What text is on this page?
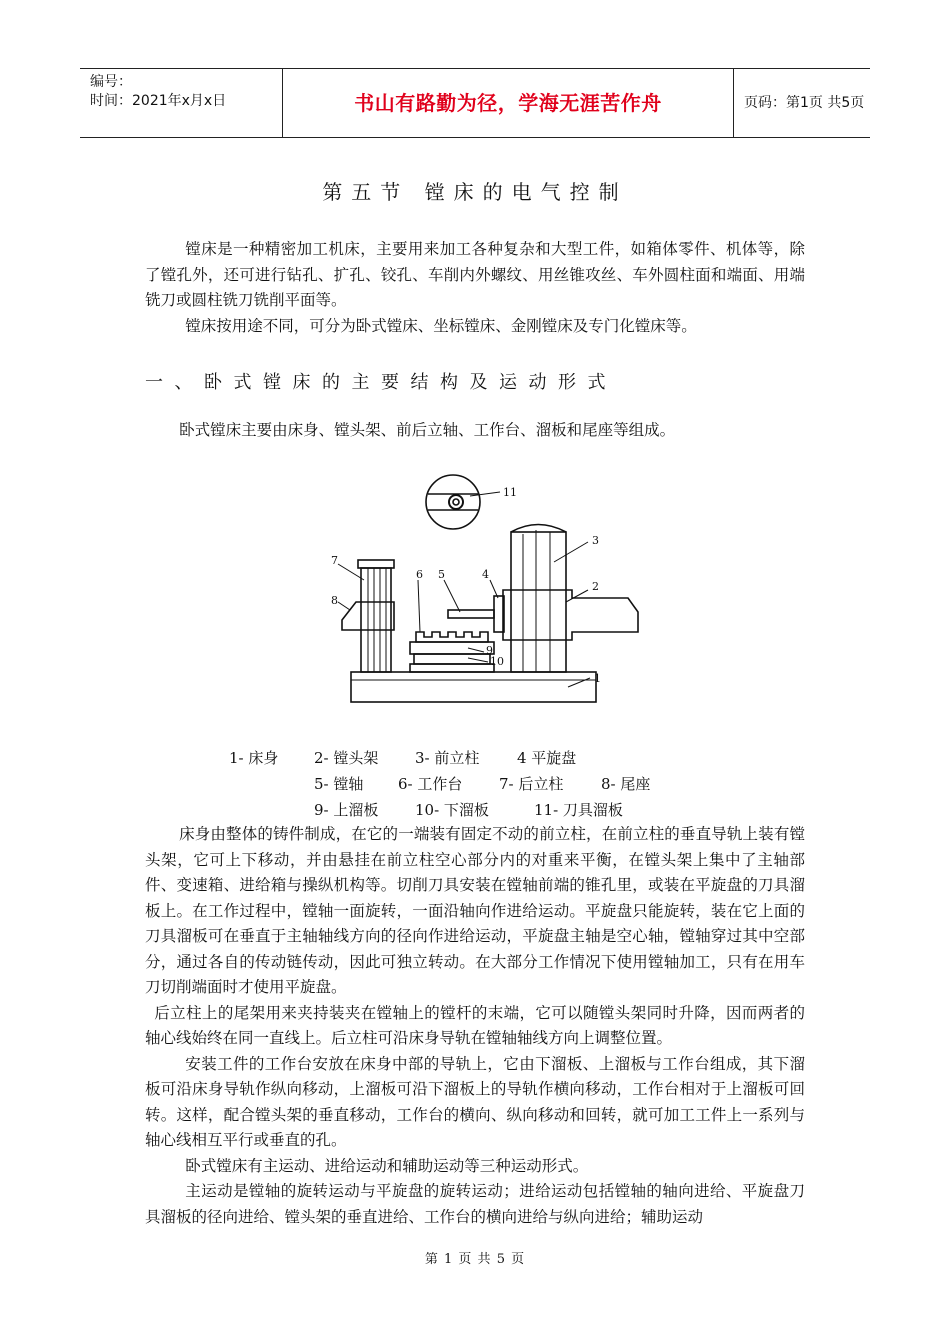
编号：
时间：2021年x月x日	书山有路勤为径，学海无涯苦作舟	页码：第1页 共5页
第五节 镗床的电气控制

镗床是一种精密加工机床，主要用来加工各种复杂和大型工件，如箱体零件、机体等，除了镗孔外，还可进行钻孔、扩孔、铰孔、车削内外螺纹、用丝锥攻丝、车外圆柱面和端面、用端铣刀或圆柱铣刀铣削平面等。

镗床按用途不同，可分为卧式镗床、坐标镗床、金刚镗床及专门化镗床等。

一、卧式镗床的主要结构及运动形式

卧式镗床主要由床身、镗头架、前后立轴、工作台、溜板和尾座等组成。

7
8
6 5	4
3
2
1
9
10
11
1- 床身 2- 镗头架 3- 前立柱	4 平旋盘
5- 镗轴 6- 工作台 7- 后立柱	8- 尾座
9- 上溜板 10- 下溜板	11- 刀具溜板

床身由整体的铸件制成，在它的一端装有固定不动的前立柱，在前立柱的垂直导轨上装有镗头架，它可上下移动，并由悬挂在前立柱空心部分内的对重来平衡，在镗头架上集中了主轴部件、变速箱、进给箱与操纵机构等。切削刀具安装在镗轴前端的锥孔里，或装在平旋盘的刀具溜板上。在工作过程中，镗轴一面旋转，一面沿轴向作进给运动。平旋盘只能旋转，装在它上面的刀具溜板可在垂直于主轴轴线方向的径向作进给运动，平旋盘主轴是空心轴，镗轴穿过其中空部分，通过各自的传动链传动，因此可独立转动。在大部分工作情况下使用镗轴加工，只有在用车刀切削端面时才使用平旋盘。

后立柱上的尾架用来夹持装夹在镗轴上的镗杆的末端，它可以随镗头架同时升降，因而两者的轴心线始终在同一直线上。后立柱可沿床身导轨在镗轴轴线方向上调整位置。

安装工件的工作台安放在床身中部的导轨上，它由下溜板、上溜板与工作台组成，其下溜板可沿床身导轨作纵向移动，上溜板可沿下溜板上的导轨作横向移动，工作台相对于上溜板可回转。这样，配合镗头架的垂直移动，工作台的横向、纵向移动和回转，就可加工工件上一系列与轴心线相互平行或垂直的孔。

卧式镗床有主运动、进给运动和辅助运动等三种运动形式。

主运动是镗轴的旋转运动与平旋盘的旋转运动；进给运动包括镗轴的轴向进给、平旋盘刀具溜板的径向进给、镗头架的垂直进给、工作台的横向进给与纵向进给；辅助运动

第 1 页 共 5 页
